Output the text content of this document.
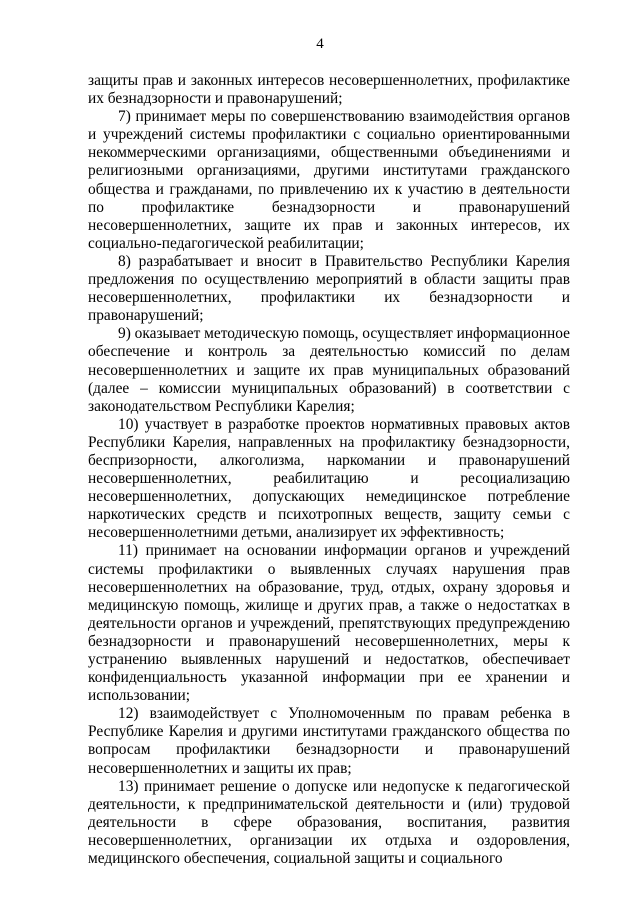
4

защиты прав и законных интересов несовершеннолетних, профилактике их безнадзорности и правонарушений;

7) принимает меры по совершенствованию взаимодействия органов и учреждений системы профилактики с социально ориентированными некоммерческими организациями, общественными объединениями и религиозными организациями, другими институтами гражданского общества и гражданами, по привлечению их к участию в деятельности по профилактике безнадзорности и правонарушений несовершеннолетних, защите их прав и законных интересов, их социально-педагогической реабилитации;

8) разрабатывает и вносит в Правительство Республики Карелия предложения по осуществлению мероприятий в области защиты прав несовершеннолетних, профилактики их безнадзорности и правонарушений;

9) оказывает методическую помощь, осуществляет информационное обеспечение и контроль за деятельностью комиссий по делам несовершеннолетних и защите их прав муниципальных образований (далее – комиссии муниципальных образований) в соответствии с законодательством Республики Карелия;

10) участвует в разработке проектов нормативных правовых актов Республики Карелия, направленных на профилактику безнадзорности, беспризорности, алкоголизма, наркомании и правонарушений несовершеннолетних, реабилитацию и ресоциализацию несовершеннолетних, допускающих немедицинское потребление наркотических средств и психотропных веществ, защиту семьи с несовершеннолетними детьми, анализирует их эффективность;

11) принимает на основании информации органов и учреждений системы профилактики о выявленных случаях нарушения прав несовершеннолетних на образование, труд, отдых, охрану здоровья и медицинскую помощь, жилище и других прав, а также о недостатках в деятельности органов и учреждений, препятствующих предупреждению безнадзорности и правонарушений несовершеннолетних, меры к устранению выявленных нарушений и недостатков, обеспечивает конфиденциальность указанной информации при ее хранении и использовании;

12) взаимодействует с Уполномоченным по правам ребенка в Республике Карелия и другими институтами гражданского общества по вопросам профилактики безнадзорности и правонарушений несовершеннолетних и защиты их прав;

13) принимает решение о допуске или недопуске к педагогической деятельности, к предпринимательской деятельности и (или) трудовой деятельности в сфере образования, воспитания, развития несовершеннолетних, организации их отдыха и оздоровления, медицинского обеспечения, социальной защиты и социального
